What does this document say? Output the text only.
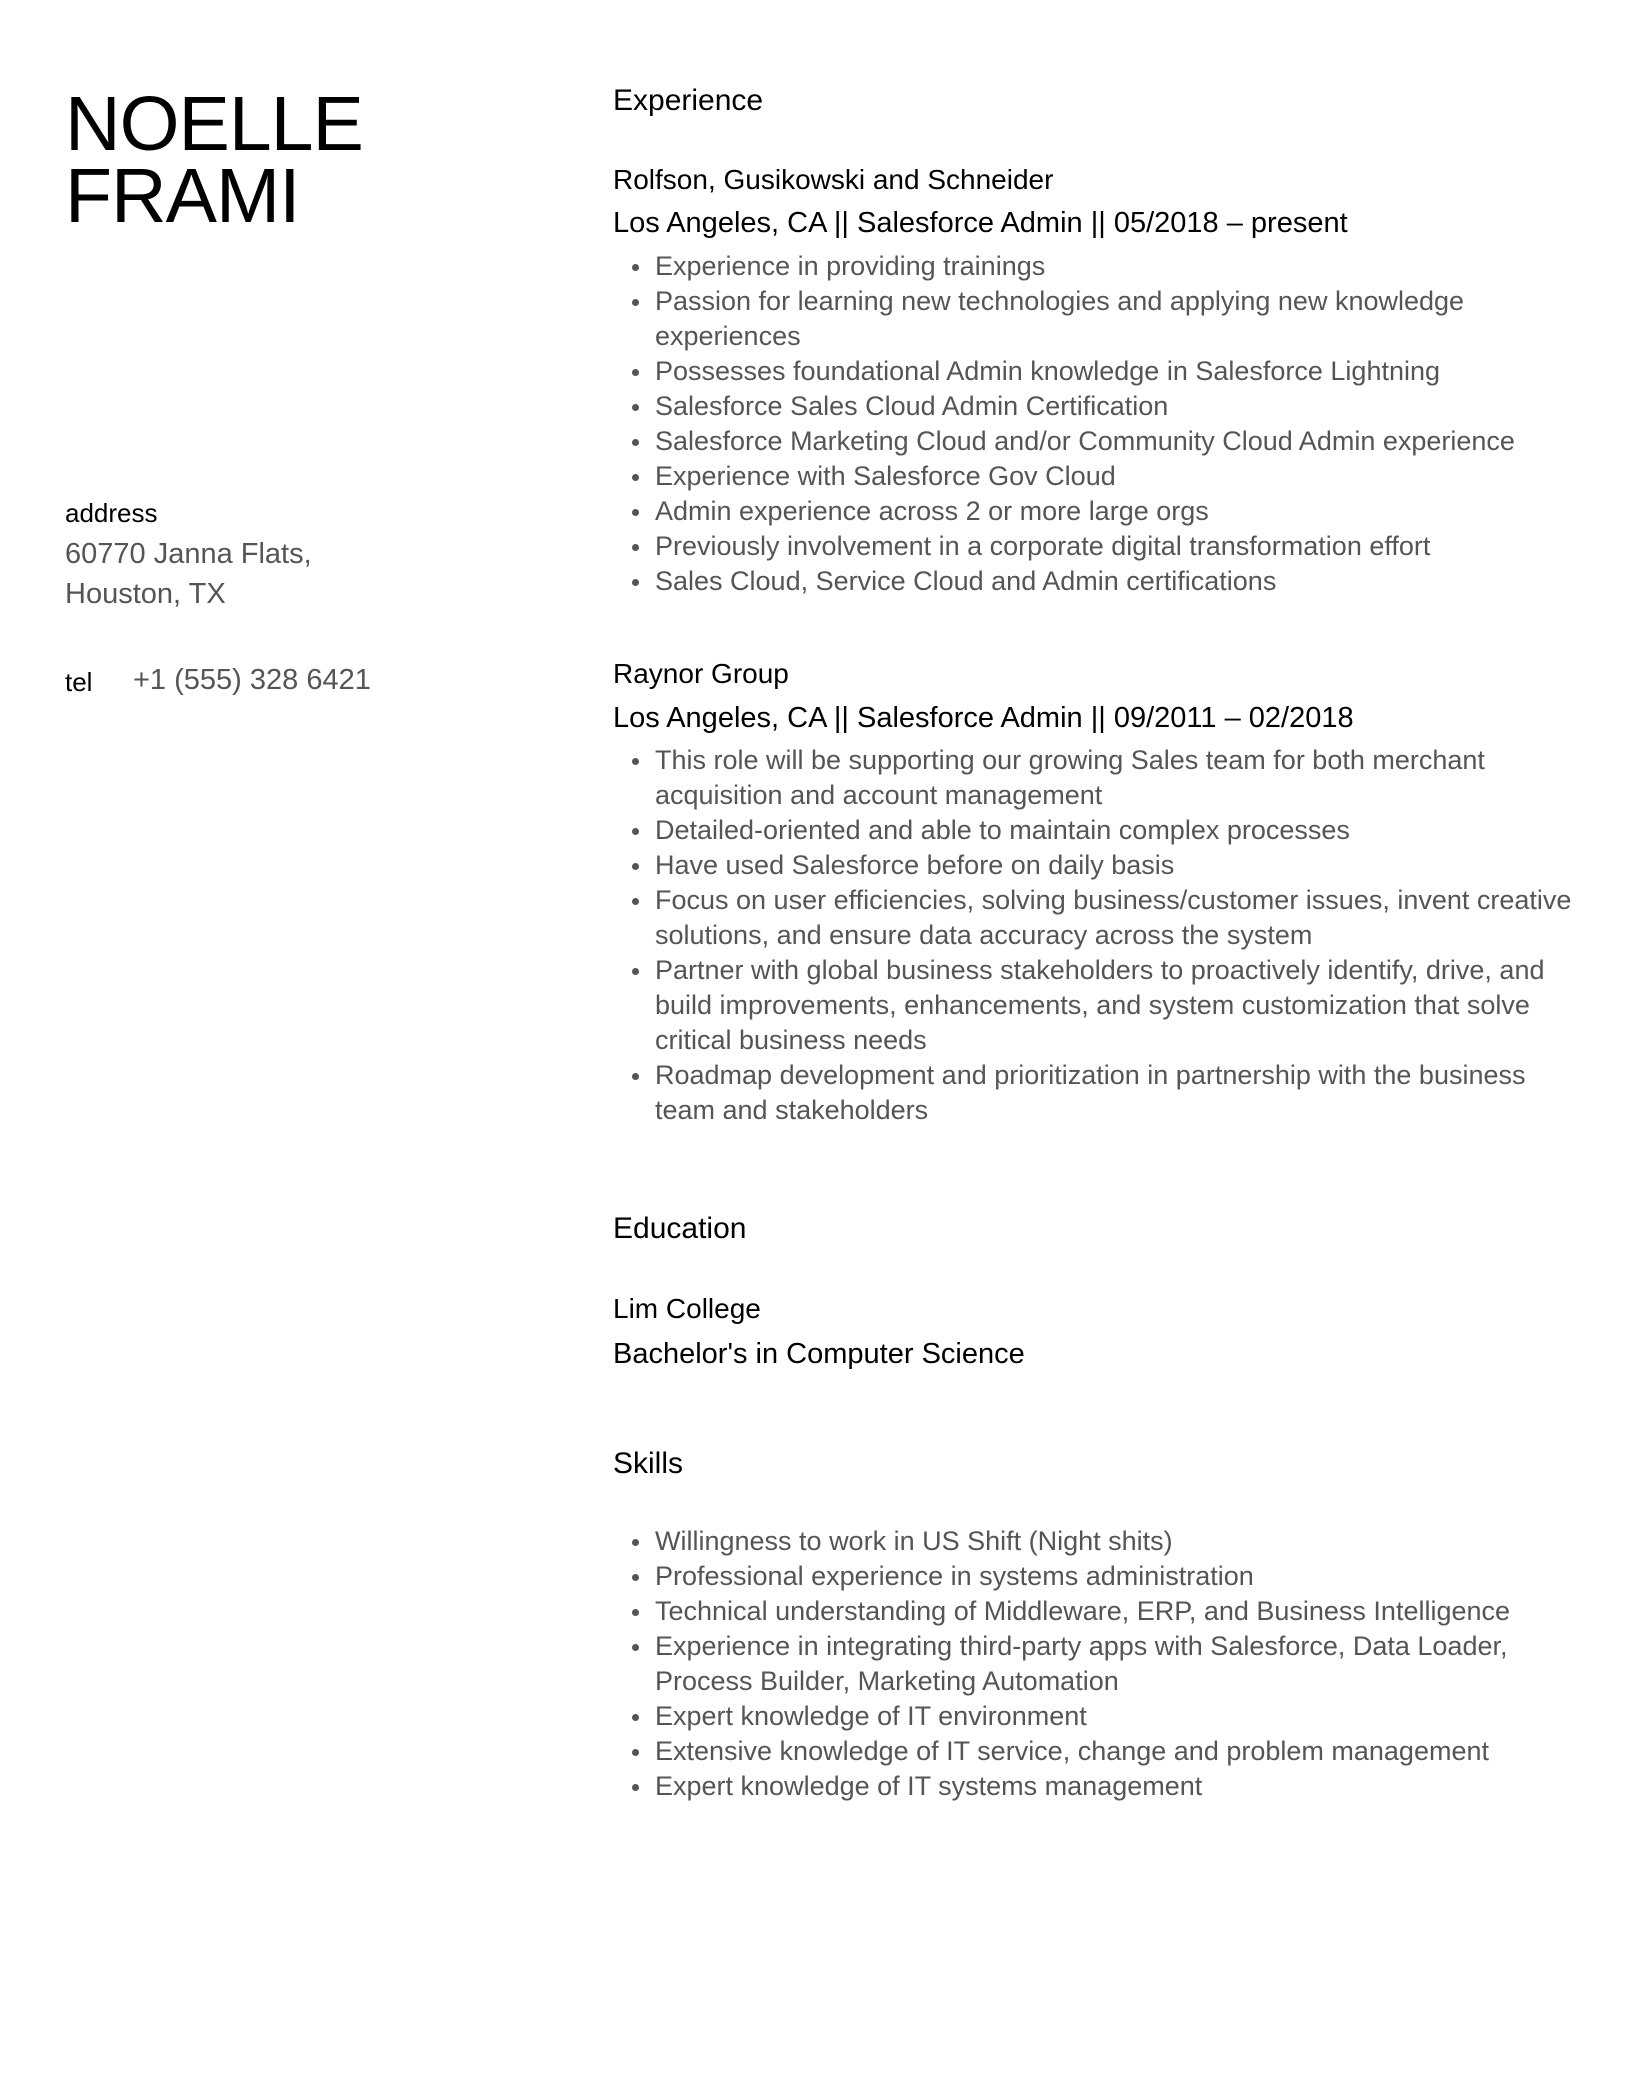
NOELLE
FRAMI
address
60770 Janna Flats,
Houston, TX
tel +1 (555) 328 6421
Experience
Rolfson, Gusikowski and Schneider
Los Angeles, CA || Salesforce Admin || 05/2018 – present
Experience in providing trainings
Passion for learning new technologies and applying new knowledge experiences
Possesses foundational Admin knowledge in Salesforce Lightning
Salesforce Sales Cloud Admin Certification
Salesforce Marketing Cloud and/or Community Cloud Admin experience
Experience with Salesforce Gov Cloud
Admin experience across 2 or more large orgs
Previously involvement in a corporate digital transformation effort
Sales Cloud, Service Cloud and Admin certifications
Raynor Group
Los Angeles, CA || Salesforce Admin || 09/2011 – 02/2018
This role will be supporting our growing Sales team for both merchant acquisition and account management
Detailed-oriented and able to maintain complex processes
Have used Salesforce before on daily basis
Focus on user efficiencies, solving business/customer issues, invent creative solutions, and ensure data accuracy across the system
Partner with global business stakeholders to proactively identify, drive, and build improvements, enhancements, and system customization that solve critical business needs
Roadmap development and prioritization in partnership with the business team and stakeholders
Education
Lim College
Bachelor's in Computer Science
Skills
Willingness to work in US Shift (Night shits)
Professional experience in systems administration
Technical understanding of Middleware, ERP, and Business Intelligence
Experience in integrating third-party apps with Salesforce, Data Loader, Process Builder, Marketing Automation
Expert knowledge of IT environment
Extensive knowledge of IT service, change and problem management
Expert knowledge of IT systems management
